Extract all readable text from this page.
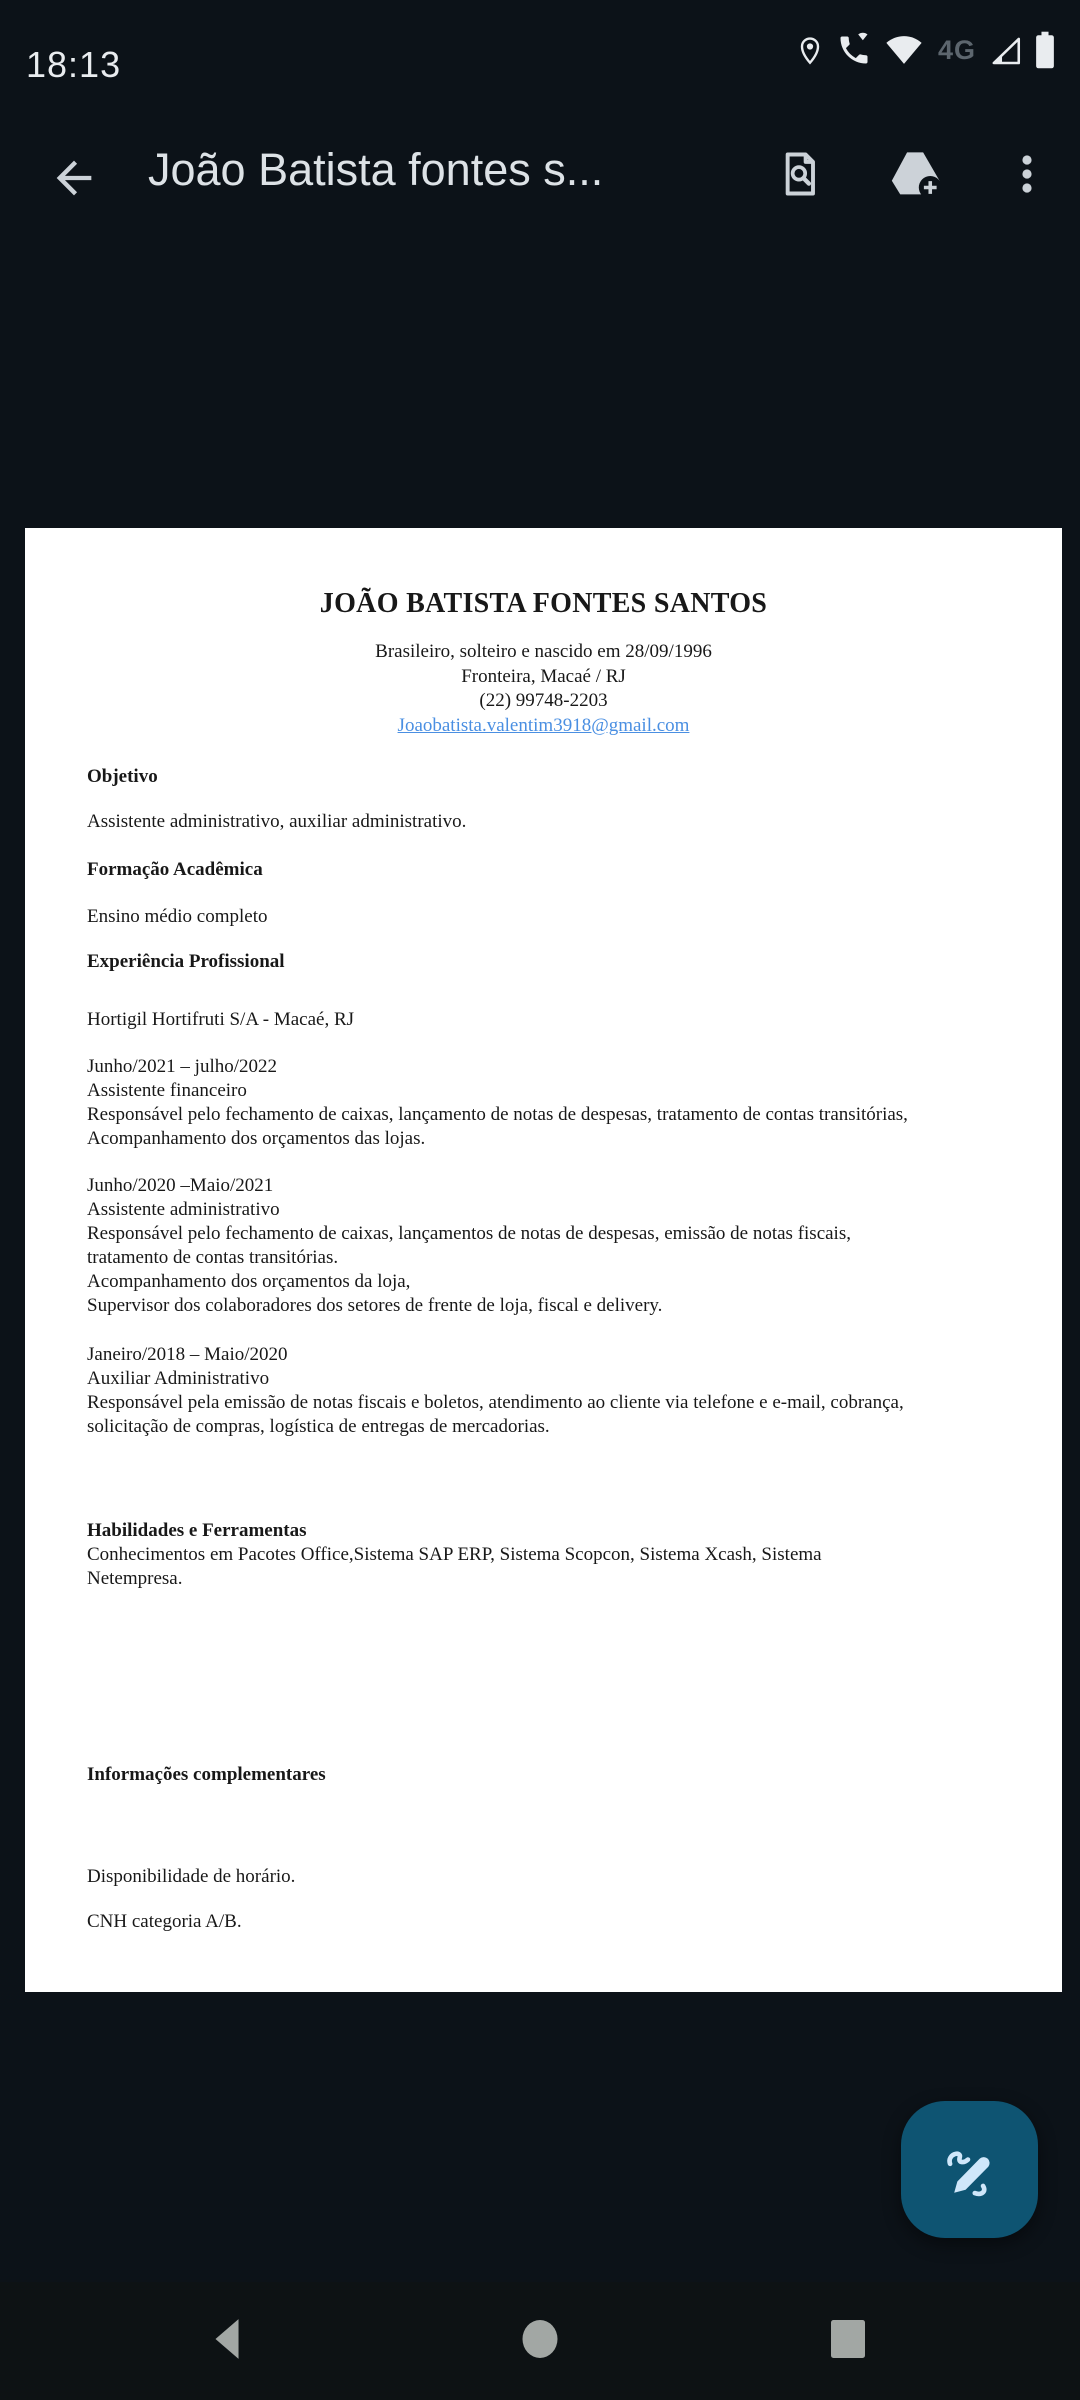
18:13	4G
João Batista fontes s...
JOÃO BATISTA FONTES SANTOS
Brasileiro, solteiro e nascido em 28/09/1996
Fronteira, Macaé / RJ
(22) 99748-2203
Joaobatista.valentim3918@gmail.com
Objetivo
Assistente administrativo, auxiliar administrativo.
Formação Acadêmica
Ensino médio completo
Experiência Profissional
Hortigil Hortifruti S/A - Macaé, RJ
Junho/2021 – julho/2022
Assistente financeiro
Responsável pelo fechamento de caixas, lançamento de notas de despesas, tratamento de contas transitórias,
Acompanhamento dos orçamentos das lojas.
Junho/2020 –Maio/2021
Assistente administrativo
Responsável pelo fechamento de caixas, lançamentos de notas de despesas, emissão de notas fiscais,
tratamento de contas transitórias.
Acompanhamento dos orçamentos da loja,
Supervisor dos colaboradores dos setores de frente de loja, fiscal e delivery.
Janeiro/2018 – Maio/2020
Auxiliar Administrativo
Responsável pela emissão de notas fiscais e boletos, atendimento ao cliente via telefone e e-mail, cobrança,
solicitação de compras, logística de entregas de mercadorias.
Habilidades e Ferramentas
Conhecimentos em Pacotes Office,Sistema SAP ERP, Sistema Scopcon, Sistema Xcash, Sistema
Netempresa.
Informações complementares
Disponibilidade de horário.
CNH categoria A/B.
